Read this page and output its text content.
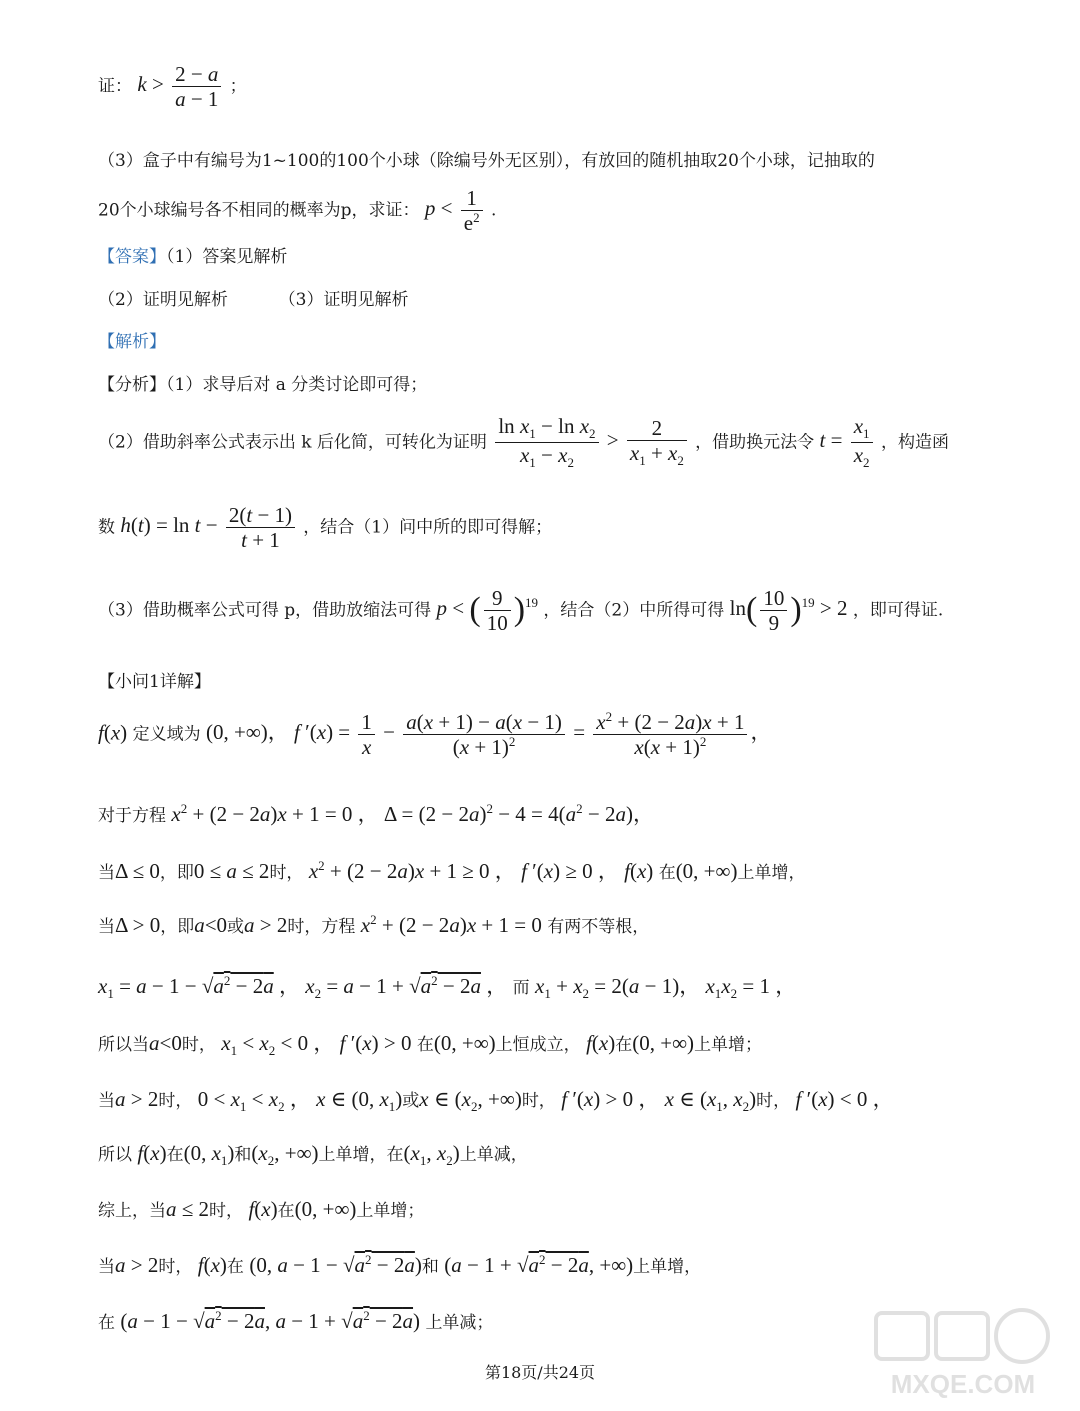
证： $k > \frac{2 - a}{a - 1}$ ；
（3）盒子中有编号为1~100的100个小球（除编号外无区别），有放回的随机抽取20个小球，记抽取的
20个小球编号各不相同的概率为p，求证： $p < \frac{1}{e^2}$ .
【答案】（1）答案见解析
（2）证明见解析	（3）证明见解析
【解析】
【分析】（1）求导后对 a 分类讨论即可得；
（2）借助斜率公式表示出 k 后化简，可转化为证明 $\frac{\ln x_1 - \ln x_2}{x_1 - x_2} > \frac{2}{x_1 + x_2}$ ，借助换元法令 $t = \frac{x_1}{x_2}$ ，构造函
数 $h(t) = \ln t - \frac{2(t - 1)}{t + 1}$ ，结合（1）问中所的即可得解；
（3）借助概率公式可得 p，借助放缩法可得 p < ( $\frac{9}{10} )^{19}$ ，结合（2）中所得可得 $\ln( \frac{10}{9} )^{19} > 2$ ，即可得证.
【小问1详解】
f(x) 定义域为 (0, +∞)， f $'(x) = \frac{1}{x} - \frac{a(x + 1) - a(x - 1)}{(x + 1)^2} = \frac{x^2 + (2 - 2a)x + 1}{x(x + 1)^2}$ ，
对于方程 $x^2 + (2 - 2a)x + 1 = 0$ ， $\Delta = (2 - 2a)^2 - 4 = 4(a^2 - 2a)$，
当Δ ≤ 0，即0 ≤ a ≤ 2时， $x^2 + (2 - 2a)x + 1 \ge 0$ ， f ′(x) ≥ 0 ， f(x) 在(0, +∞)上单增，
当Δ > 0，即a<0或a > 2时，方程 $x^2 + (2 - 2a)x + 1 = 0$ 有两不等根，
$x_1 = a - 1 - √a^2 - 2a$ ， $x_2 = a - 1 + √a^2 - 2a$ ， 而 $x_1 + x_2 = 2(a - 1)$， $x_1x_2 = 1$ ，
所以当a<0时， $x_1 < x_2 < 0$ ， f ′(x) > 0 在(0, +∞)上恒成立， f(x)在(0, +∞)上单增；
当a > 2时， $0 < x_1 < x_2$ ， x ∈ (0, $x_1$)或x ∈ ($x_2$, +∞)时， f ′(x) > 0 ， x ∈ ($x_1$, $x_2$)时， f ′(x) < 0 ，
所以 f(x)在(0, $x_1$)和($x_2$, +∞)上单增，在($x_1$, $x_2$)上单减，
综上，当a ≤ 2时， f(x)在(0, +∞)上单增；
当a > 2时， f(x)在 (0, $a - 1 - √a^2 - 2a$)和 ($a - 1 + √a^2 - 2a$, +∞)上单增，
在 ($a - 1 - √a^2 - 2a$, $a - 1 + √a^2 - 2a$) 上单减；
第18页/共24页	MXQE.COM
